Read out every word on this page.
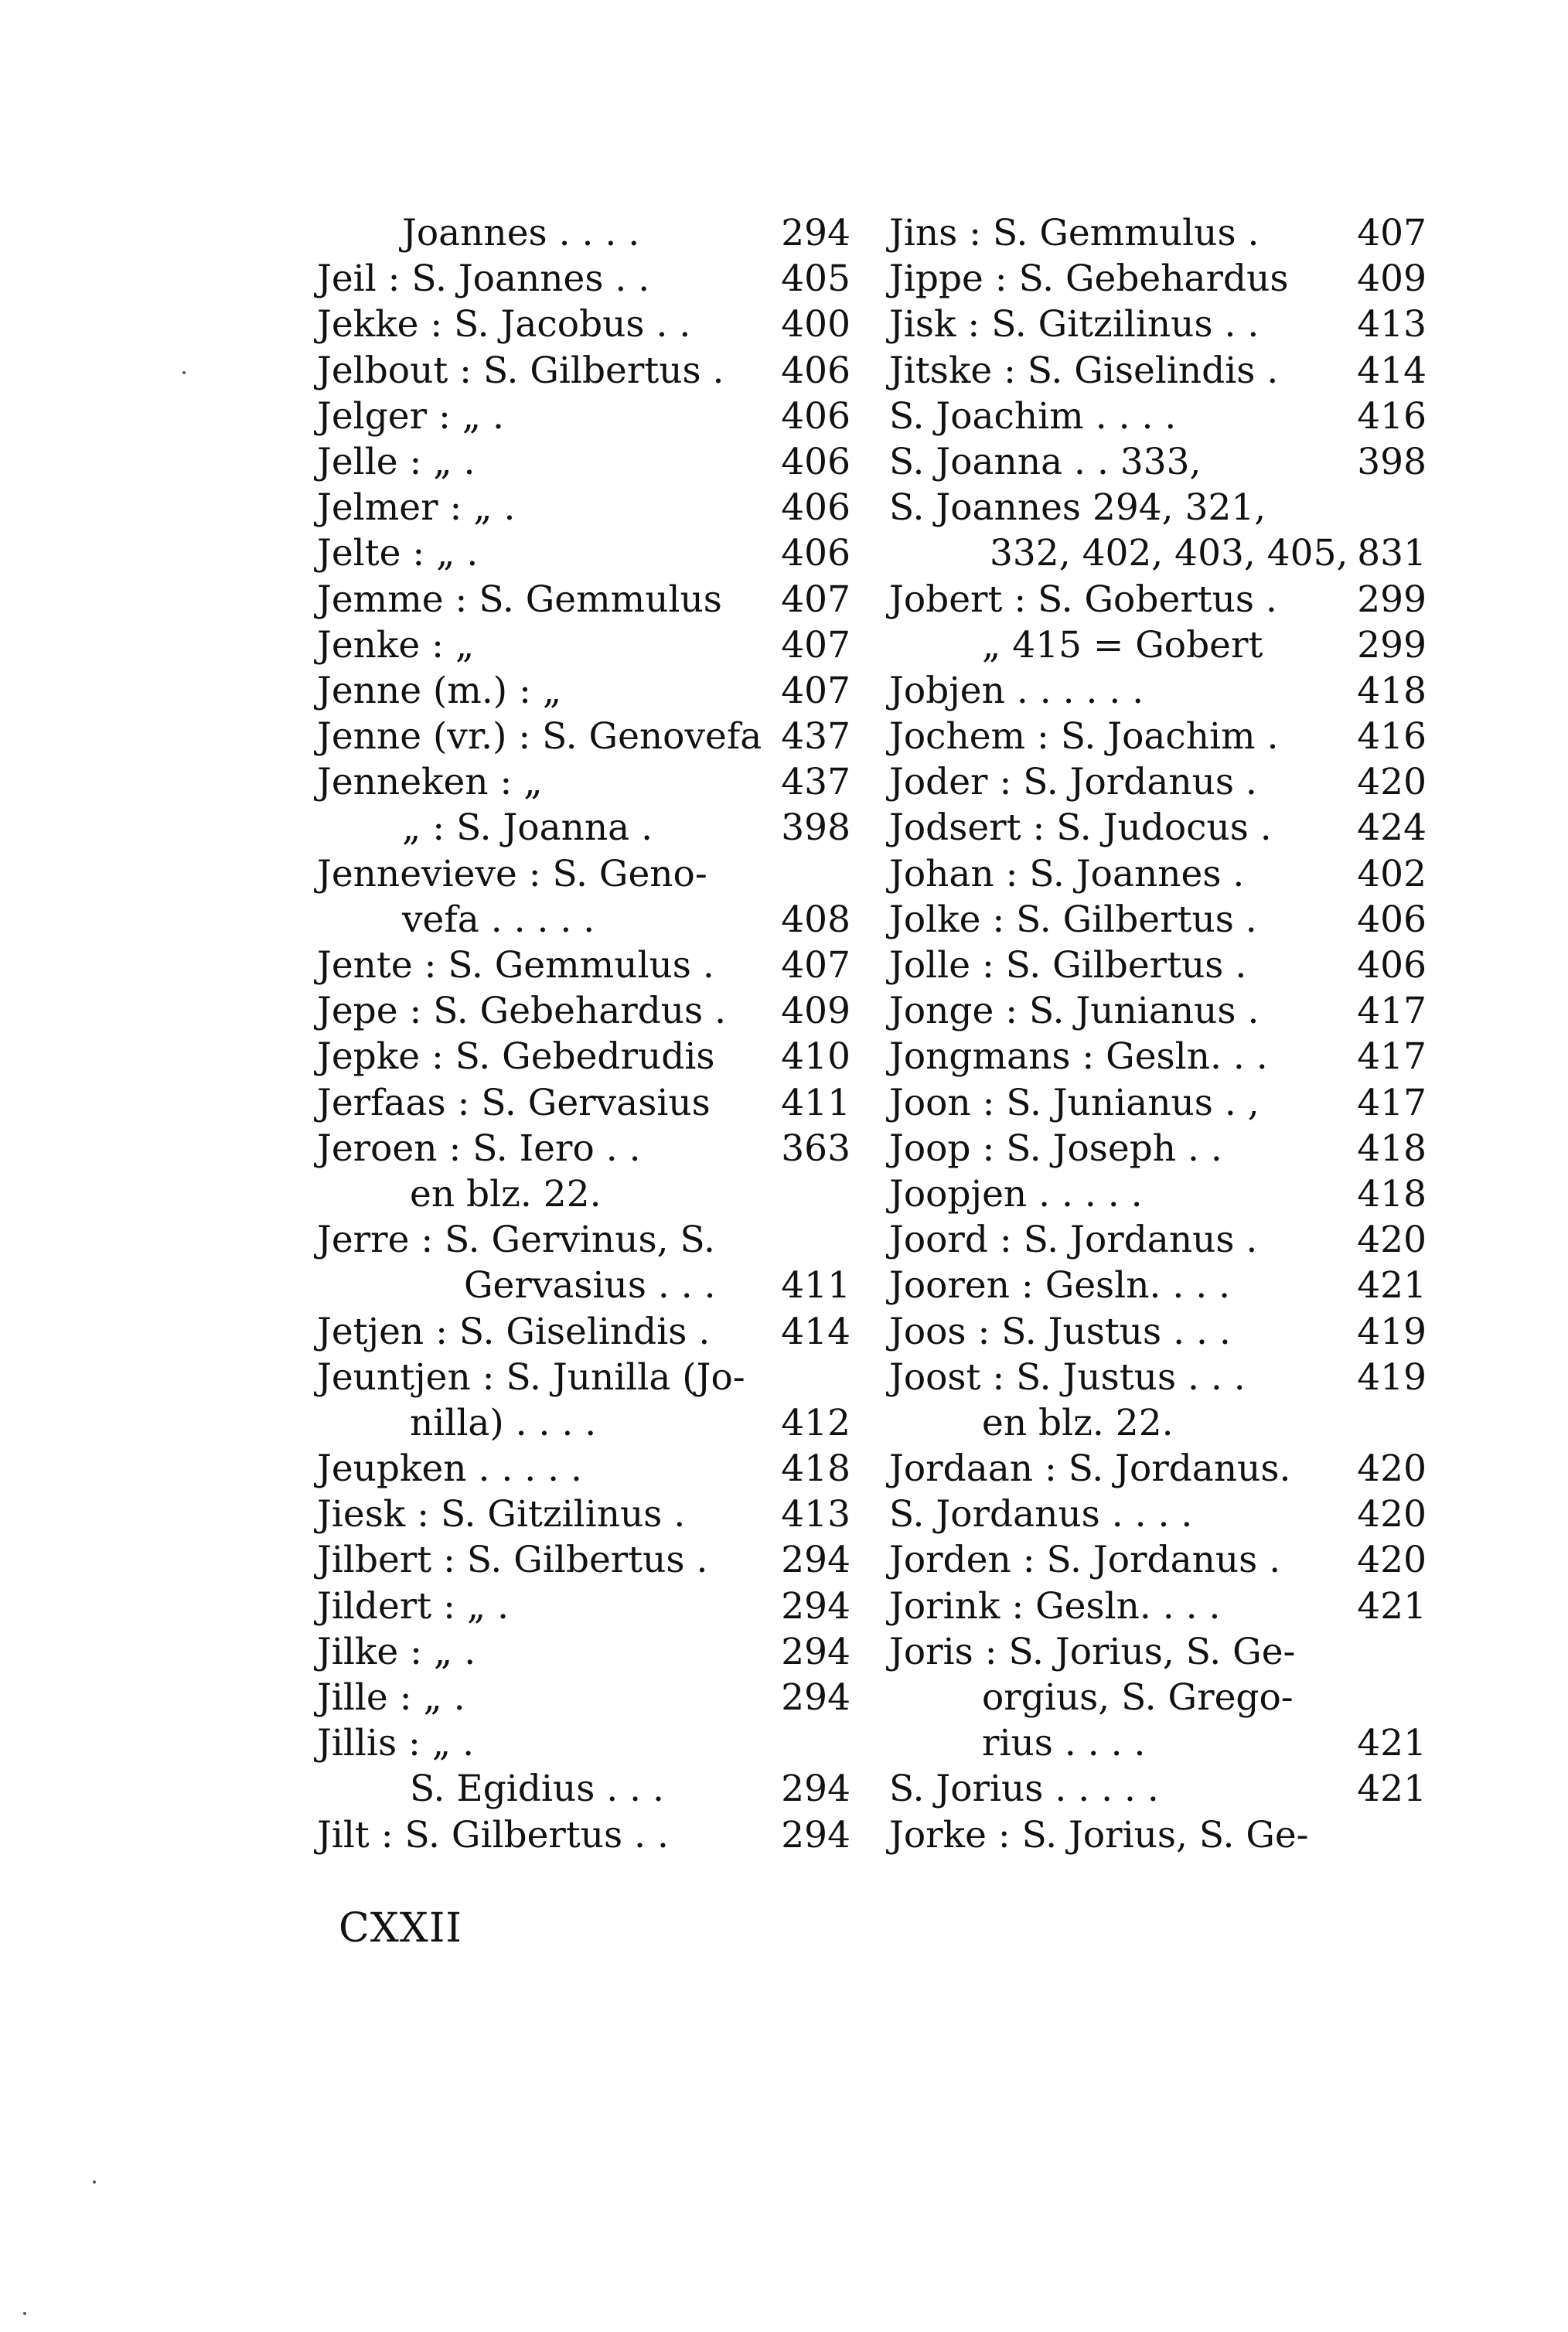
Joannes . . . .	294
Jeil : S. Joannes . .	405
Jekke : S. Jacobus . . 400
Jelbout : S. Gilbertus . 406
Jelger : „ .	406
Jelle : „ .	406
Jelmer : „ .	406
Jelte : „ .	406
Jemme : S. Gemmulus 407
Jenke : „	407
Jenne (m.) : „	407
Jenne (vr.) : S. Genovefa 437
Jenneken : „	437
„ : S. Joanna .	398
Jennevieve : S. Geno-
vefa . . . . .	408
Jente : S. Gemmulus . 407
Jepe : S. Gebehardus . 409
Jepke : S. Gebedrudis 410
Jerfaas : S. Gervasius 411
Jeroen : S. Iero . .	363
en blz. 22.
Jerre : S. Gervinus, S.
Gervasius . . . 411
Jetjen : S. Giselindis . 414
Jeuntjen : S. Junilla (Jo-
nilla) . . . .	412
Jeupken . . . . .	418
Jiesk : S. Gitzilinus .	413
Jilbert : S. Gilbertus . 294
Jildert : „ .	294
Jilke : „ .	294
Jille : „ .	294
Jillis : „ .
S. Egidius . . .	294
Jilt : S. Gilbertus . .	294
Jins : S. Gemmulus .	407
Jippe : S. Gebehardus 409
Jisk : S. Gitzilinus . .	413
Jitske : S. Giselindis . 414
S. Joachim . . . .	416
S. Joanna . . 333,	398
S. Joannes 294, 321,
332, 402, 403, 405, 831
Jobert : S. Gobertus . 299
„ 415 = Gobert	299
Jobjen . . . . . .	418
Jochem : S. Joachim . 416
Joder : S. Jordanus .	420
Jodsert : S. Judocus . 424
Johan : S. Joannes .	402
Jolke : S. Gilbertus .	406
Jolle : S. Gilbertus .	406
Jonge : S. Junianus .	417
Jongmans : Gesln. . . 417
Joon : S. Junianus . ,	417
Joop : S. Joseph . .	418
Joopjen . . . . .	418
Joord : S. Jordanus .	420
Jooren : Gesln. . . .	421
Joos : S. Justus . . .	419
Joost : S. Justus . . .	419
en blz. 22.
Jordaan : S. Jordanus. 420
S. Jordanus . . . .	420
Jorden : S. Jordanus . 420
Jorink : Gesln. . . .	421
Joris : S. Jorius, S. Ge-
orgius, S. Grego-
rius . . . .	421
S. Jorius . . . . .	421
Jorke : S. Jorius, S. Ge-
CXXII
